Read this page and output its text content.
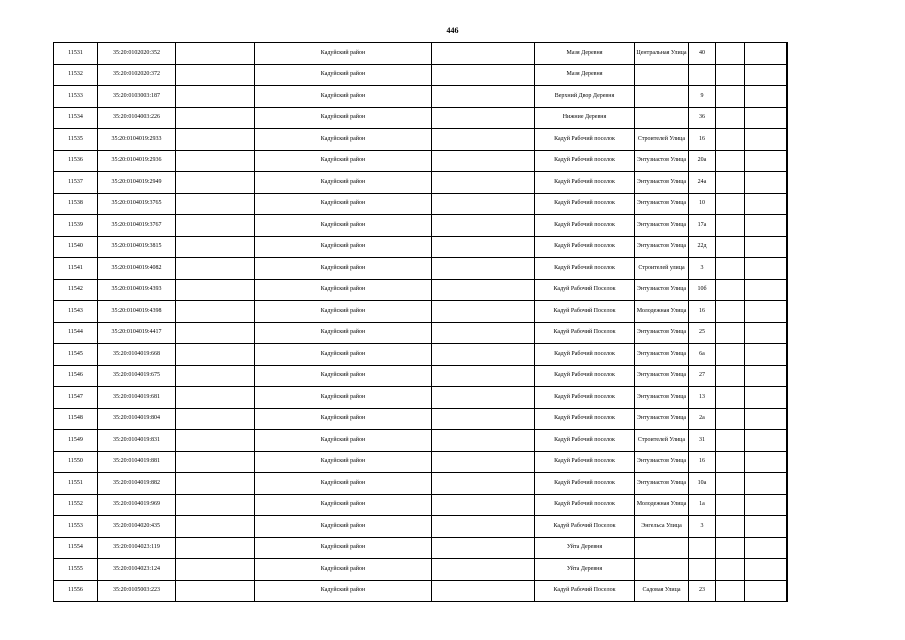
446
11531	35:20:0102020:352		Кадуйский район		Мазя Деревня	Центральная Улица	40			
11532	35:20:0102020:372		Кадуйский район		Мазя Деревня					
11533	35:20:0103003:187		Кадуйский район		Верхний Двор Деревня		9			
11534	35:20:0104003:226		Кадуйский район		Нижние Деревня		36			
11535	35:20:0104019:2933		Кадуйский район		Кадуй Рабочий поселок	Строителей Улица	16			
11536	35:20:0104019:2936		Кадуйский район		Кадуй Рабочий поселок	Энтузиастов Улица	20а			
11537	35:20:0104019:2949		Кадуйский район		Кадуй Рабочий поселок	Энтузиастов Улица	24а			
11538	35:20:0104019:3765		Кадуйский район		Кадуй Рабочий поселок	Энтузиастов Улица	10			
11539	35:20:0104019:3767		Кадуйский район		Кадуй Рабочий поселок	Энтузиастов Улица	17а			
11540	35:20:0104019:3815		Кадуйский район		Кадуй Рабочий поселок	Энтузиастов Улица	22д			
11541	35:20:0104019:4082		Кадуйский район		Кадуй Рабочий поселок	Строителей улица	3			
11542	35:20:0104019:4393		Кадуйский район		Кадуй Рабочий Поселок	Энтузиастов Улица	10б			
11543	35:20:0104019:4398		Кадуйский район		Кадуй Рабочий Поселок	Молодежная Улица	16			
11544	35:20:0104019:4417		Кадуйский район		Кадуй Рабочий Поселок	Энтузиастов Улица	25			
11545	35:20:0104019:668		Кадуйский район		Кадуй Рабочий поселок	Энтузиастов Улица	6а			
11546	35:20:0104019:675		Кадуйский район		Кадуй Рабочий поселок	Энтузиастов Улица	27			
11547	35:20:0104019:681		Кадуйский район		Кадуй Рабочий поселок	Энтузиастов Улица	13			
11548	35:20:0104019:804		Кадуйский район		Кадуй Рабочий поселок	Энтузиастов Улица	2а			
11549	35:20:0104019:831		Кадуйский район		Кадуй Рабочий поселок	Строителей Улица	31			
11550	35:20:0104019:881		Кадуйский район		Кадуй Рабочий поселок	Энтузиастов Улица	16			
11551	35:20:0104019:882		Кадуйский район		Кадуй Рабочий поселок	Энтузиастов Улица	10а			
11552	35:20:0104019:969		Кадуйский район		Кадуй Рабочий поселок	Молодежная Улица	1а			
11553	35:20:0104020:435		Кадуйский район		Кадуй Рабочий Поселок	Энгельса Улица	3			
11554	35:20:0104023:119		Кадуйский район		Уйта Деревня					
11555	35:20:0104023:124		Кадуйский район		Уйта Деревня					
11556	35:20:0105003:223		Кадуйский район		Кадуй Рабочий Поселок	Садовая Улица	23			
